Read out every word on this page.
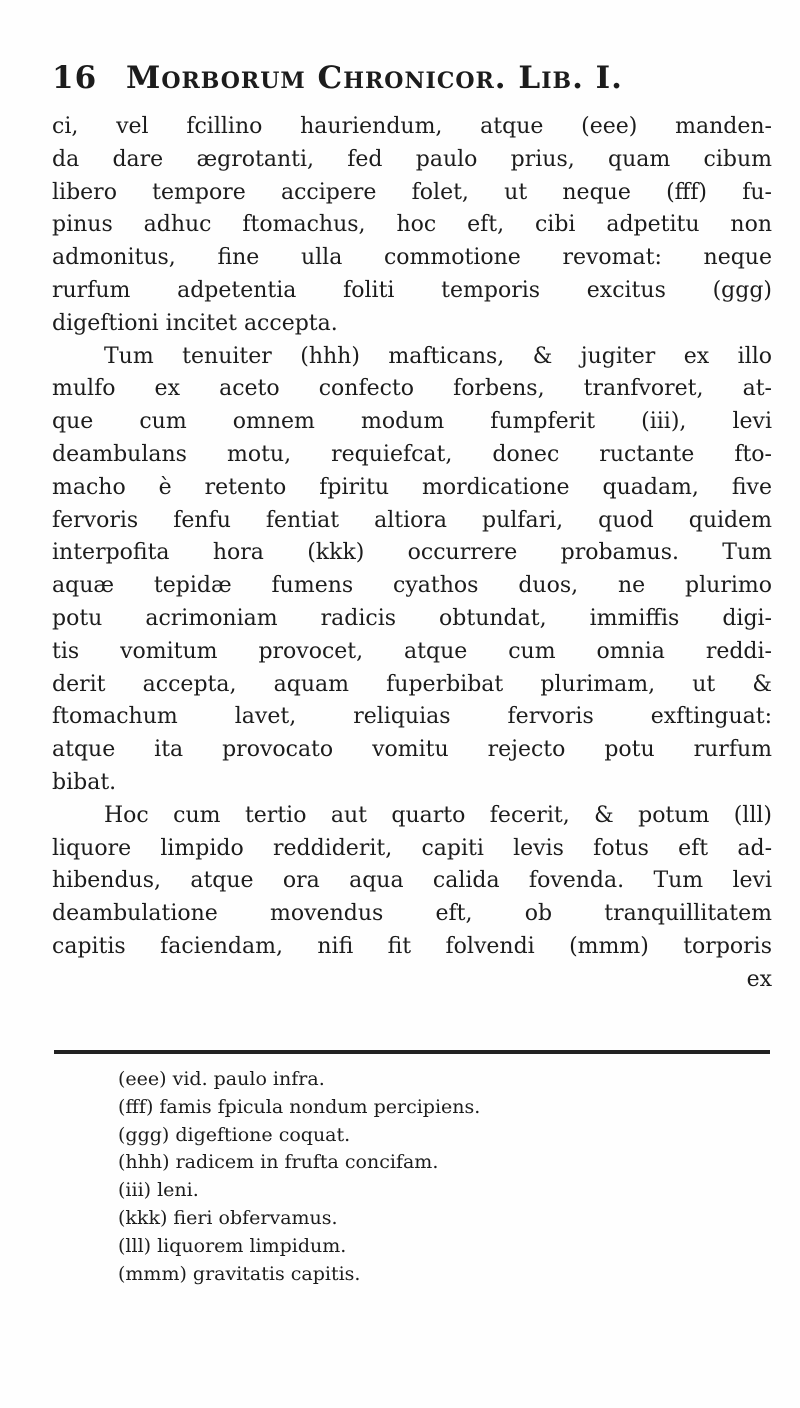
16 Morborum Chronicor. Lib. I.
ci, vel fcillino hauriendum, atque (eee) manden-
da dare ægrotanti, fed paulo prius, quam cibum
libero tempore accipere folet, ut neque (fff) fu-
pinus adhuc ftomachus, hoc eft, cibi adpetitu non
admonitus, fine ulla commotione revomat: neque
rurfum adpetentia foliti temporis excitus (ggg)
digeftioni incitet accepta.
Tum tenuiter (hhh) mafticans, & jugiter ex illo
mulfo ex aceto confecto forbens, tranfvoret, at-
que cum omnem modum fumpferit (iii), levi
deambulans motu, requiefcat, donec ructante fto-
macho è retento fpiritu mordicatione quadam, five
fervoris fenfu fentiat altiora pulfari, quod quidem
interpofita hora (kkk) occurrere probamus. Tum
aquæ tepidæ fumens cyathos duos, ne plurimo
potu acrimoniam radicis obtundat, immiffis digi-
tis vomitum provocet, atque cum omnia reddi-
derit accepta, aquam fuperbibat plurimam, ut &
ftomachum lavet, reliquias fervoris exftinguat:
atque ita provocato vomitu rejecto potu rurfum
bibat.
Hoc cum tertio aut quarto fecerit, & potum (lll)
liquore limpido reddiderit, capiti levis fotus eft ad-
hibendus, atque ora aqua calida fovenda. Tum levi
deambulatione movendus eft, ob tranquillitatem
capitis faciendam, nifi fit folvendi (mmm) torporis
ex
(eee) vid. paulo infra.
(fff) famis fpicula nondum percipiens.
(ggg) digeftione coquat.
(hhh) radicem in frufta concifam.
(iii) leni.
(kkk) fieri obfervamus.
(lll) liquorem limpidum.
(mmm) gravitatis capitis.
